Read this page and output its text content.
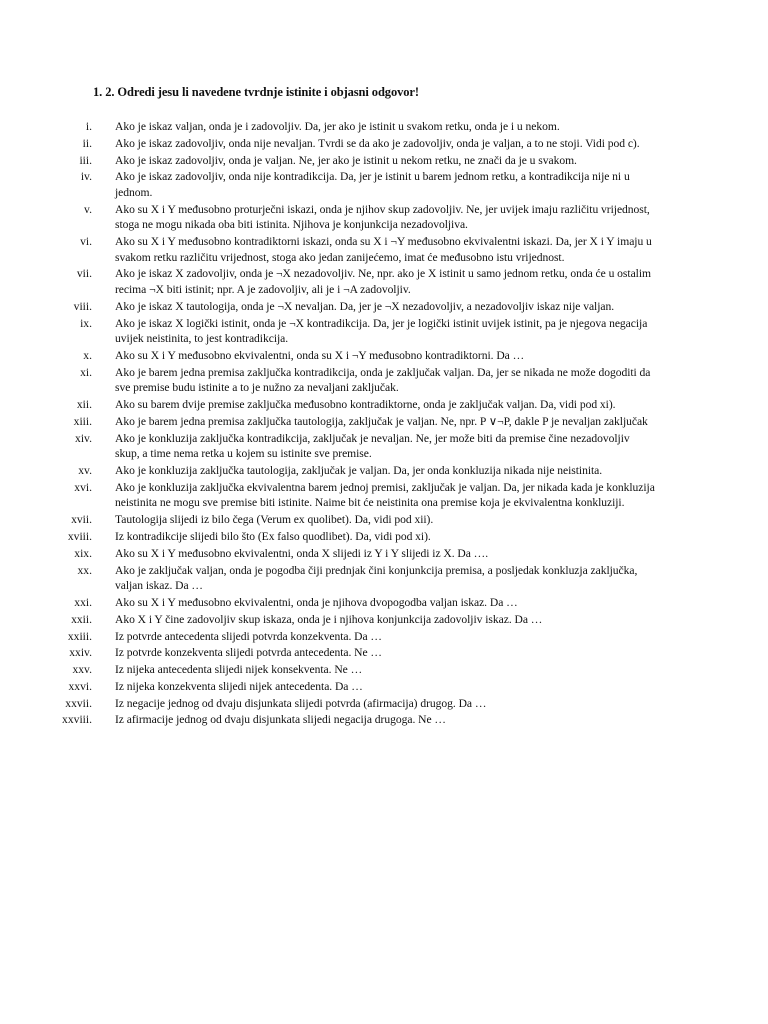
1. 2. Odredi jesu li navedene tvrdnje istinite i objasni odgovor!
i.	Ako je iskaz valjan, onda je i zadovoljiv. Da, jer ako je istinit u svakom retku, onda je i u nekom.
ii.	Ako je iskaz zadovoljiv, onda nije nevaljan. Tvrdi se da ako je zadovoljiv, onda je valjan, a to ne stoji. Vidi pod c).
iii.	Ako je iskaz zadovoljiv, onda je valjan. Ne, jer ako je istinit u nekom retku, ne znači da je u svakom.
iv.	Ako je iskaz zadovoljiv, onda nije kontradikcija. Da, jer je istinit u barem jednom retku, a kontradikcija nije ni u jednom.
v.	Ako su X i Y međusobno proturječni iskazi, onda je njihov skup zadovoljiv. Ne, jer uvijek imaju različitu vrijednost, stoga ne mogu nikada oba biti istinita. Njihova je konjunkcija nezadovoljiva.
vi.	Ako su X i Y međusobno kontradiktorni iskazi, onda su X i ¬Y međusobno ekvivalentni iskazi. Da, jer X i Y imaju u svakom retku različitu vrijednost, stoga ako jedan zanijećemo, imat će međusobno istu vrijednost.
vii.	Ako je iskaz X zadovoljiv, onda je ¬X nezadovoljiv. Ne, npr. ako je X istinit u samo jednom retku, onda će u ostalim recima ¬X biti istinit; npr. A je zadovoljiv, ali je i ¬A zadovoljiv.
viii.	Ako je iskaz X tautologija, onda je ¬X nevaljan. Da, jer je ¬X nezadovoljiv, a nezadovoljiv iskaz nije valjan.
ix.	Ako je iskaz X logički istinit, onda je ¬X kontradikcija. Da, jer je logički istinit uvijek istinit, pa je njegova negacija uvijek neistinita, to jest kontradikcija.
x.	Ako su X i Y međusobno ekvivalentni, onda su X i ¬Y međusobno kontradiktorni. Da …
xi.	Ako je barem jedna premisa zaključka kontradikcija, onda je zaključak valjan. Da, jer se nikada ne može dogoditi da sve premise budu istinite a to je nužno za nevaljani zaključak.
xii.	Ako su barem dvije premise zaključka međusobno kontradiktorne, onda je zaključak valjan. Da, vidi pod xi).
xiii.	Ako je barem jedna premisa zaključka tautologija, zaključak je valjan. Ne, npr. P ∨¬P, dakle P je nevaljan zaključak
xiv.	Ako je konkluzija zaključka kontradikcija, zaključak je nevaljan. Ne, jer može biti da premise čine nezadovoljiv skup, a time nema retka u kojem su istinite sve premise.
xv.	Ako je konkluzija zaključka tautologija, zaključak je valjan. Da, jer onda konkluzija nikada nije neistinita.
xvi.	Ako je konkluzija zaključka ekvivalentna barem jednoj premisi, zaključak je valjan. Da, jer nikada kada je konkluzija neistinita ne mogu sve premise biti istinite. Naime bit će neistinita ona premise koja je ekvivalentna konkluziji.
xvii.	Tautologija slijedi iz bilo čega (Verum ex quolibet). Da, vidi pod xii).
xviii.	Iz kontradikcije slijedi bilo što (Ex falso quodlibet). Da, vidi pod xi).
xix.	Ako su X i Y međusobno ekvivalentni, onda X slijedi iz Y i Y slijedi iz X. Da ….
xx.	Ako je zaključak valjan, onda je pogodba čiji prednjak čini konjunkcija premisa, a posljedak konkluzja zaključka, valjan iskaz. Da …
xxi.	Ako su X i Y međusobno ekvivalentni, onda je njihova dvopogodba valjan iskaz. Da …
xxii.	Ako X i Y čine zadovoljiv skup iskaza, onda je i njihova konjunkcija zadovoljiv iskaz. Da …
xxiii.	Iz potvrde antecedenta slijedi potvrda konzekventa. Da …
xxiv.	Iz potvrde konzekventa slijedi potvrda antecedenta. Ne …
xxv.	Iz nijeka antecedenta slijedi nijek konsekventa. Ne …
xxvi.	Iz nijeka konzekventa slijedi nijek antecedenta. Da …
xxvii.	Iz negacije jednog od dvaju disjunkata slijedi potvrda (afirmacija) drugog. Da …
xxviii.	Iz afirmacije jednog od dvaju disjunkata slijedi negacija drugoga. Ne …
